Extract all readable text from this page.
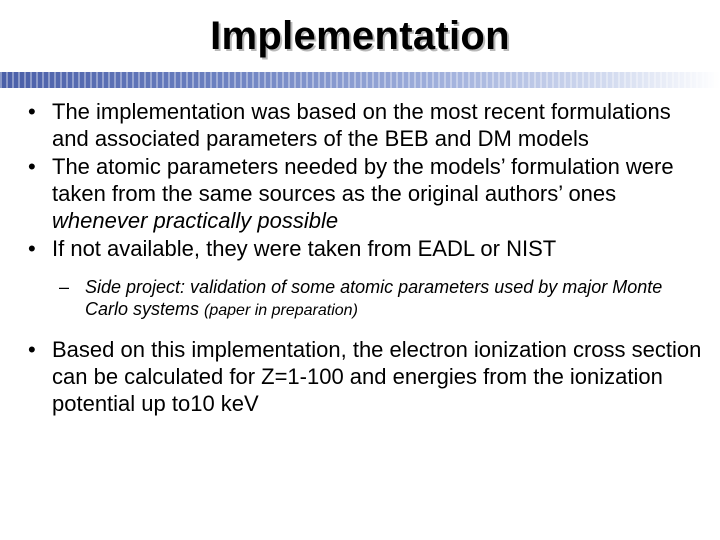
Implementation
• The implementation was based on the most recent formulations and associated parameters of the BEB and DM models
• The atomic parameters needed by the models’ formulation were taken from the same sources as the original authors’ ones whenever practically possible
• If not available, they were taken from EADL or NIST
– Side project: validation of some atomic parameters used by major Monte Carlo systems (paper in preparation)
• Based on this implementation, the electron ionization cross section can be calculated for Z=1-100 and energies from the ionization potential up to10 keV
